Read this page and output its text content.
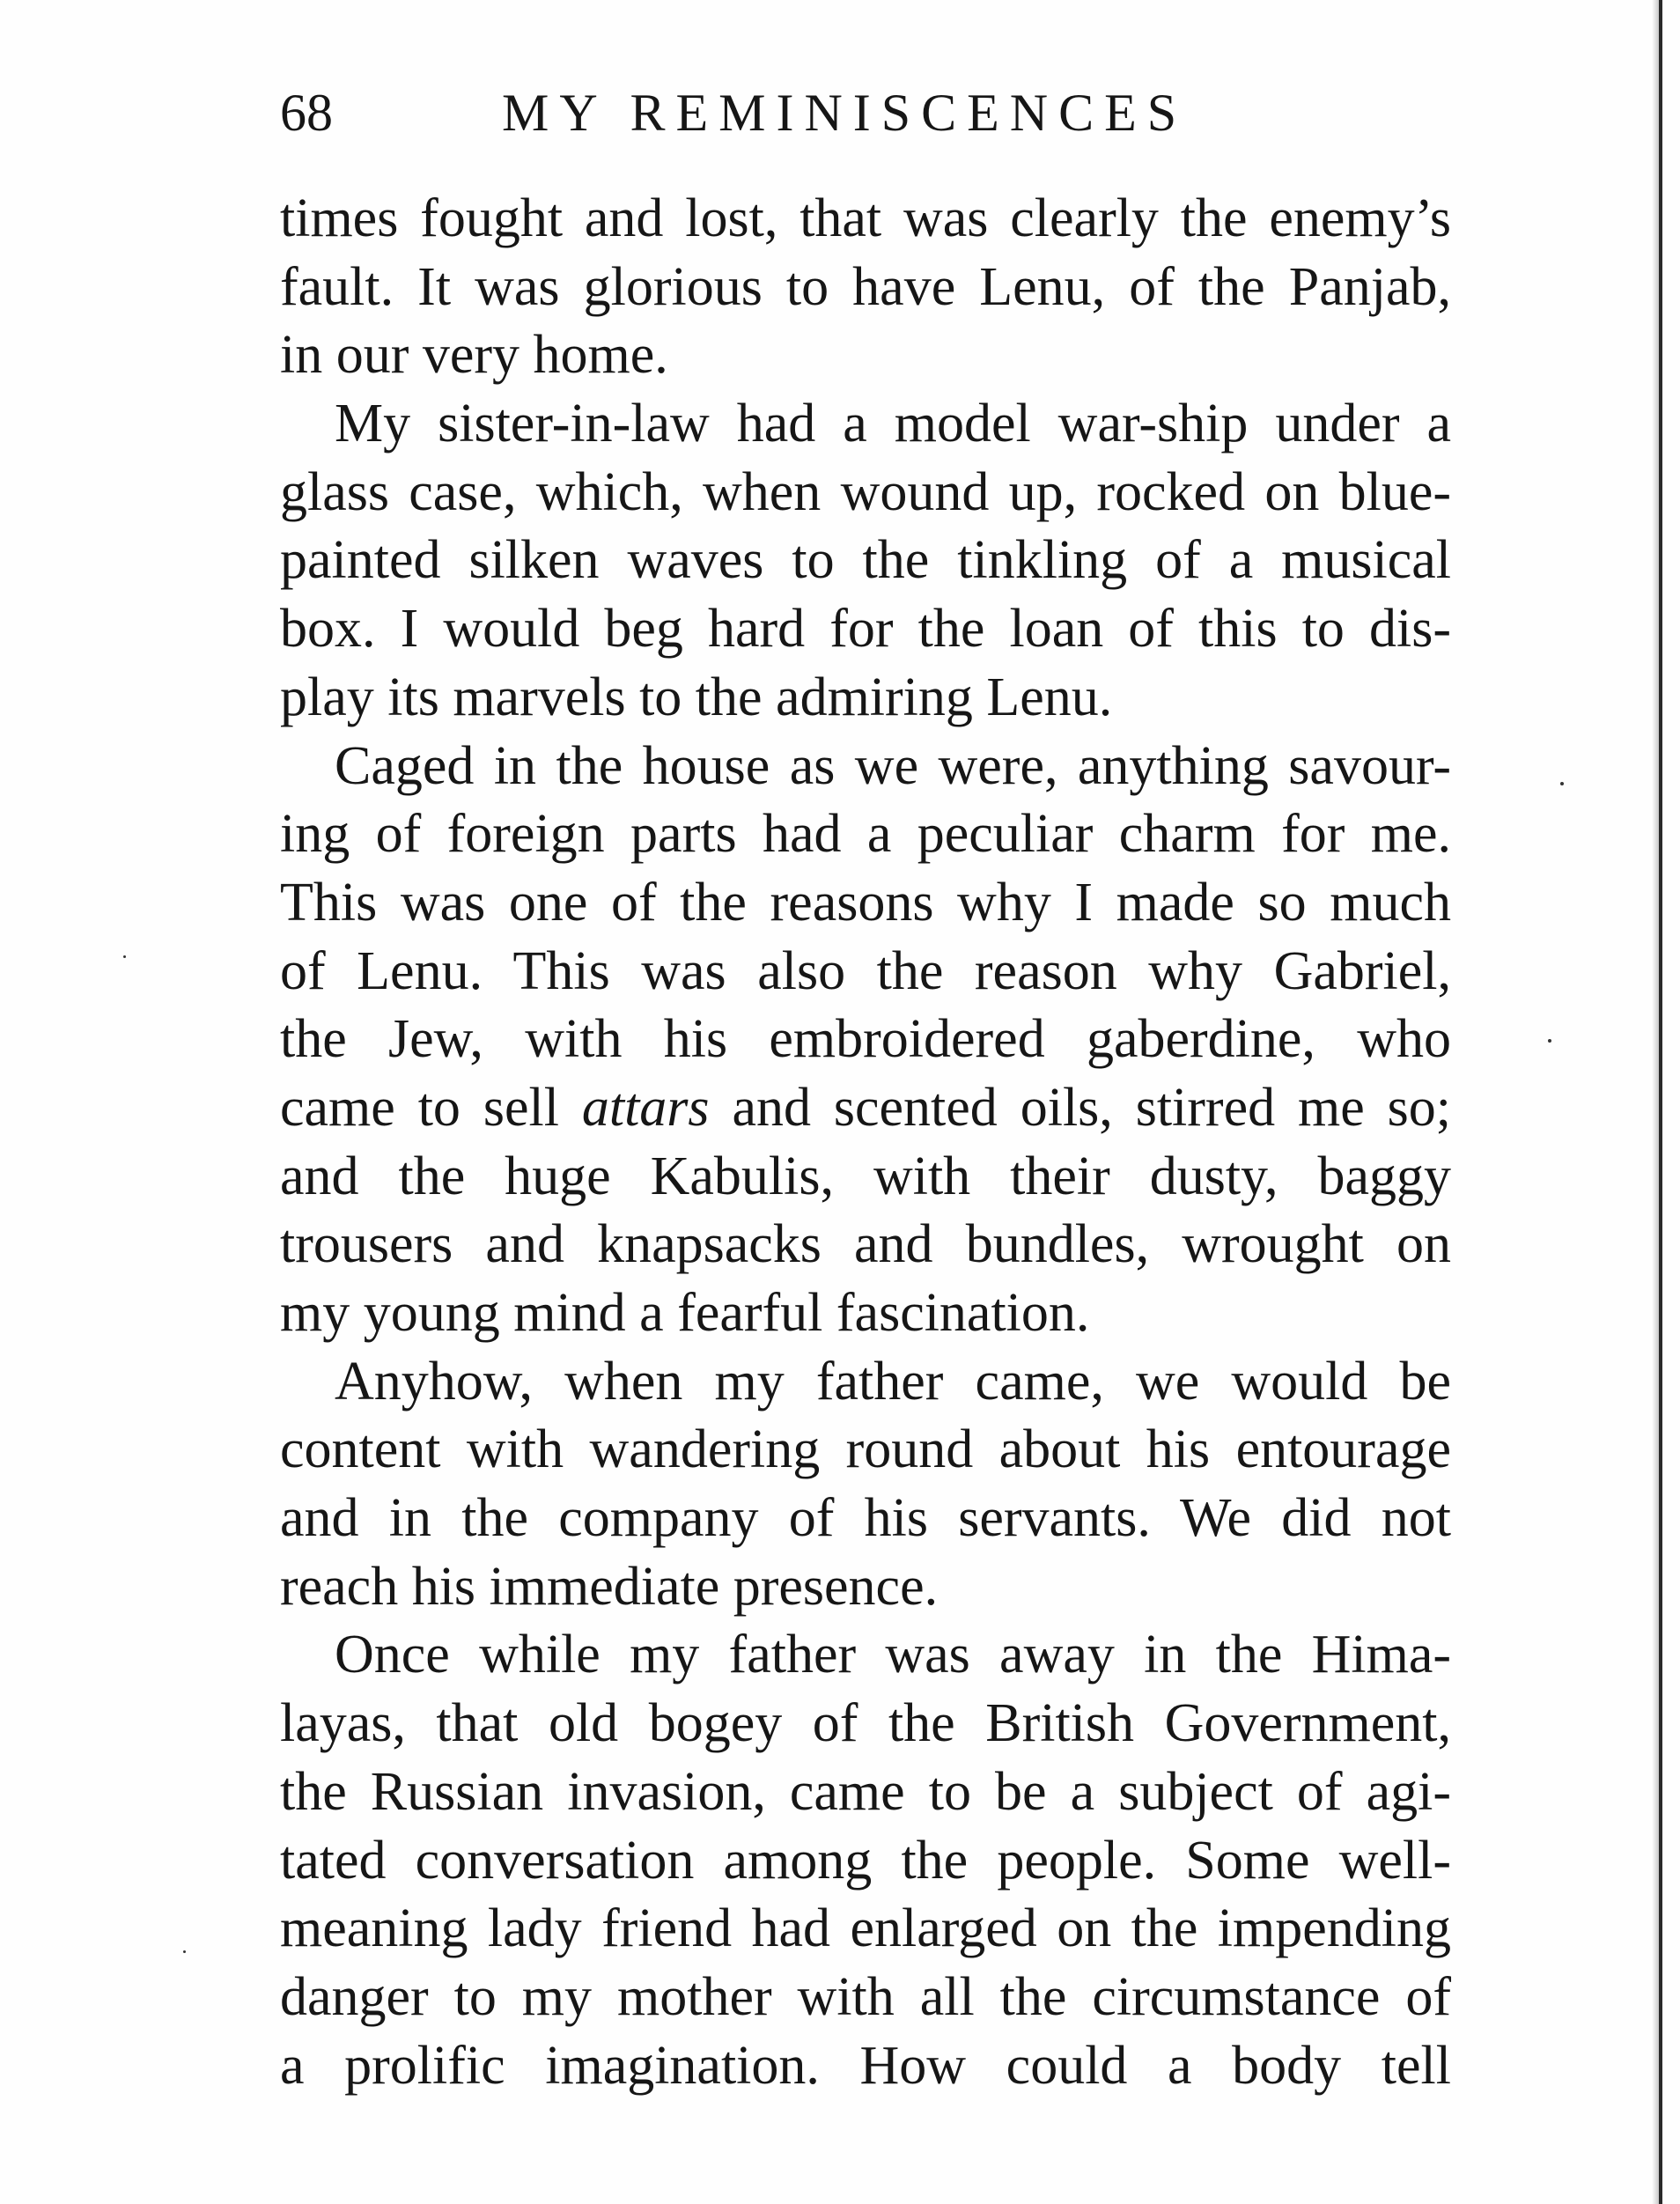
68	MY REMINISCENCES
times fought and lost, that was clearly the enemy’s
fault. It was glorious to have Lenu, of the Panjab,
in our very home.
My sister-in-law had a model war-ship under a
glass case, which, when wound up, rocked on blue-
painted silken waves to the tinkling of a musical
box. I would beg hard for the loan of this to dis-
play its marvels to the admiring Lenu.
Caged in the house as we were, anything savour-
ing of foreign parts had a peculiar charm for me.
This was one of the reasons why I made so much
of Lenu. This was also the reason why Gabriel,
the Jew, with his embroidered gaberdine, who
came to sell attars and scented oils, stirred me so;
and the huge Kabulis, with their dusty, baggy
trousers and knapsacks and bundles, wrought on
my young mind a fearful fascination.
Anyhow, when my father came, we would be
content with wandering round about his entourage
and in the company of his servants. We did not
reach his immediate presence.
Once while my father was away in the Hima-
layas, that old bogey of the British Government,
the Russian invasion, came to be a subject of agi-
tated conversation among the people. Some well-
meaning lady friend had enlarged on the impending
danger to my mother with all the circumstance of
a prolific imagination. How could a body tell
